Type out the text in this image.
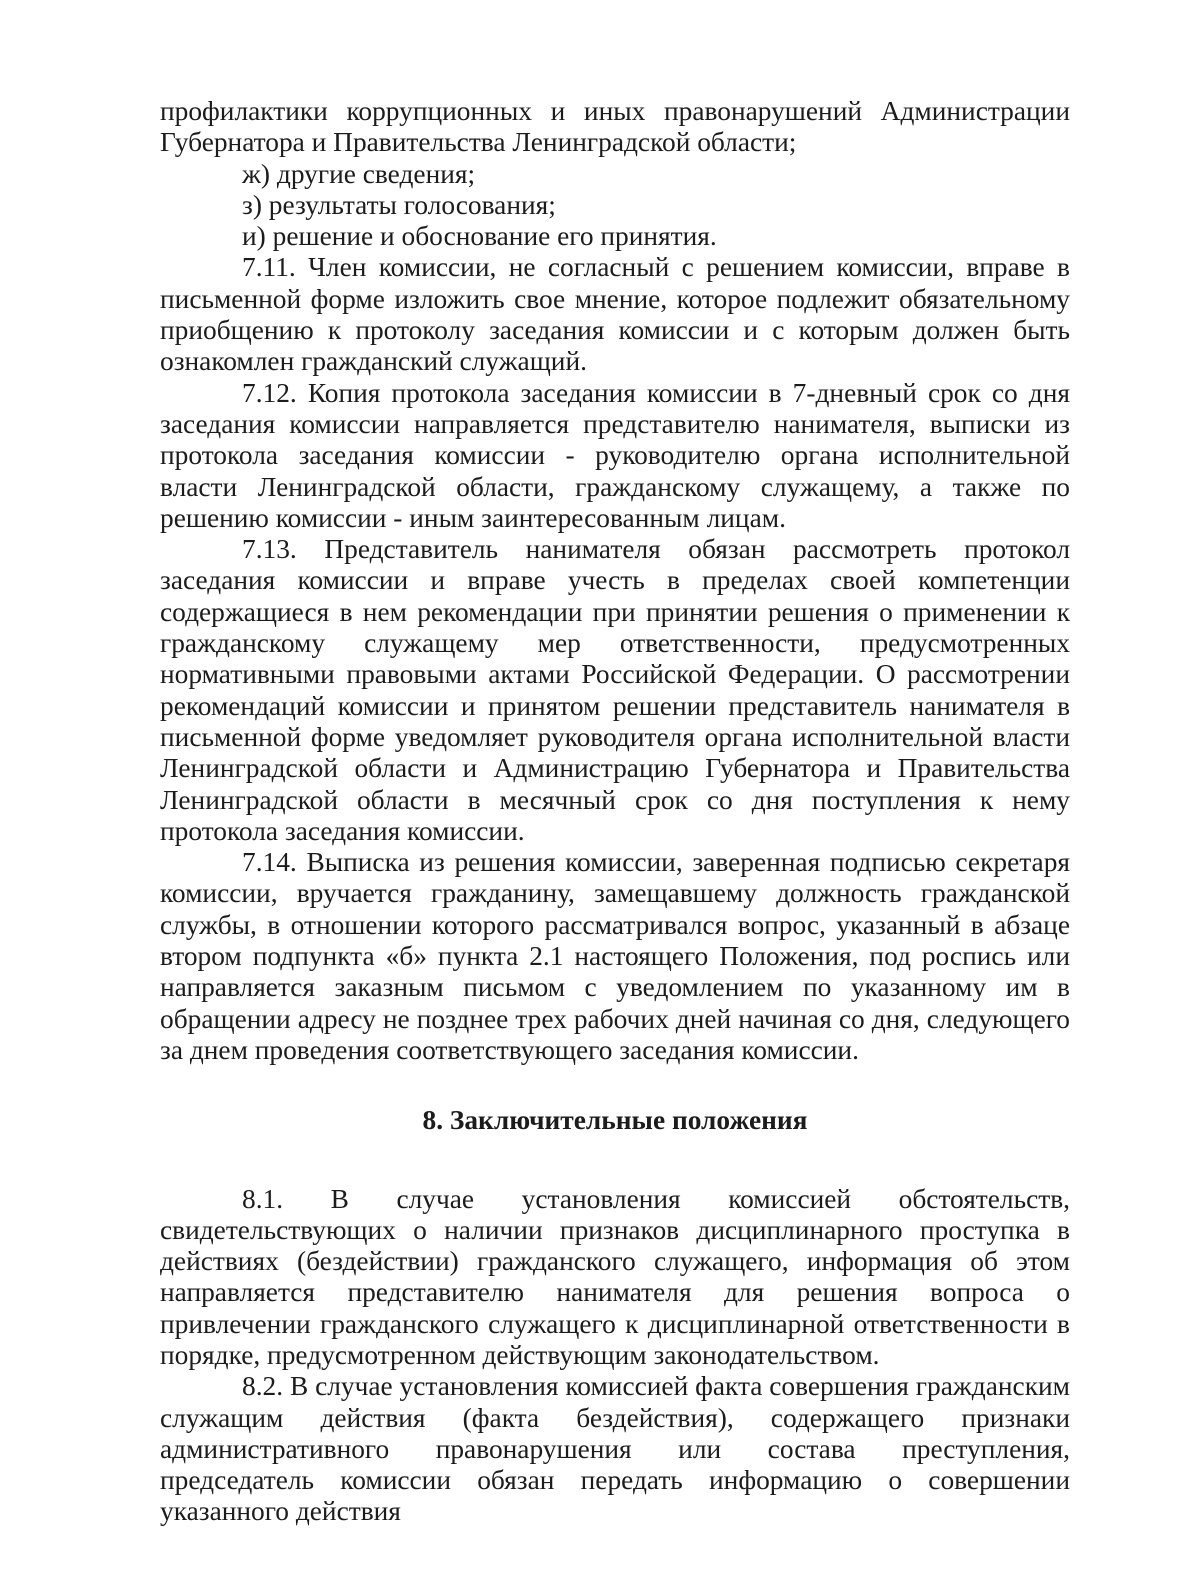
профилактики коррупционных и иных правонарушений Администрации Губернатора и Правительства Ленинградской области;

ж) другие сведения;

з) результаты голосования;

и) решение и обоснование его принятия.

7.11. Член комиссии, не согласный с решением комиссии, вправе в письменной форме изложить свое мнение, которое подлежит обязательному приобщению к протоколу заседания комиссии и с которым должен быть ознакомлен гражданский служащий.

7.12. Копия протокола заседания комиссии в 7-дневный срок со дня заседания комиссии направляется представителю нанимателя, выписки из протокола заседания комиссии - руководителю органа исполнительной власти Ленинградской области, гражданскому служащему, а также по решению комиссии - иным заинтересованным лицам.

7.13. Представитель нанимателя обязан рассмотреть протокол заседания комиссии и вправе учесть в пределах своей компетенции содержащиеся в нем рекомендации при принятии решения о применении к гражданскому служащему мер ответственности, предусмотренных нормативными правовыми актами Российской Федерации. О рассмотрении рекомендаций комиссии и принятом решении представитель нанимателя в письменной форме уведомляет руководителя органа исполнительной власти Ленинградской области и Администрацию Губернатора и Правительства Ленинградской области в месячный срок со дня поступления к нему протокола заседания комиссии.

7.14. Выписка из решения комиссии, заверенная подписью секретаря комиссии, вручается гражданину, замещавшему должность гражданской службы, в отношении которого рассматривался вопрос, указанный в абзаце втором подпункта «б» пункта 2.1 настоящего Положения, под роспись или направляется заказным письмом с уведомлением по указанному им в обращении адресу не позднее трех рабочих дней начиная со дня, следующего за днем проведения соответствующего заседания комиссии.

8. Заключительные положения

8.1. В случае установления комиссией обстоятельств, свидетельствующих о наличии признаков дисциплинарного проступка в действиях (бездействии) гражданского служащего, информация об этом направляется представителю нанимателя для решения вопроса о привлечении гражданского служащего к дисциплинарной ответственности в порядке, предусмотренном действующим законодательством.

8.2. В случае установления комиссией факта совершения гражданским служащим действия (факта бездействия), содержащего признаки административного правонарушения или состава преступления, председатель комиссии обязан передать информацию о совершении указанного действия
